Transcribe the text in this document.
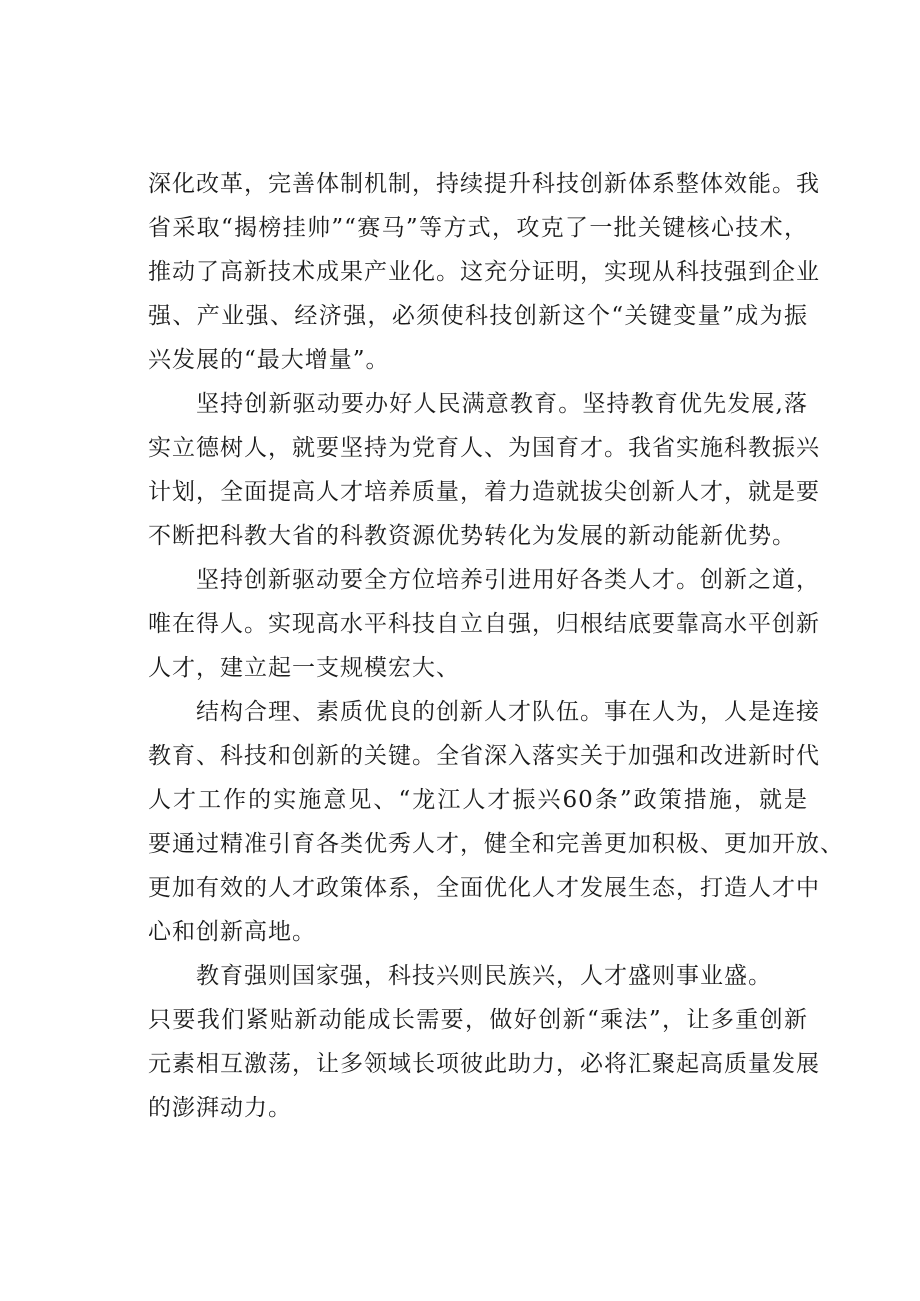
深化改革，完善体制机制，持续提升科技创新体系整体效能。我
省采取“揭榜挂帅”“赛马”等方式，攻克了一批关键核心技术，
推动了高新技术成果产业化。这充分证明，实现从科技强到企业
强、产业强、经济强，必须使科技创新这个“关键变量”成为振
兴发展的“最大增量”。
坚持创新驱动要办好人民满意教育。坚持教育优先发展,落
实立德树人，就要坚持为党育人、为国育才。我省实施科教振兴
计划，全面提高人才培养质量，着力造就拔尖创新人才，就是要
不断把科教大省的科教资源优势转化为发展的新动能新优势。
坚持创新驱动要全方位培养引进用好各类人才。创新之道，
唯在得人。实现高水平科技自立自强，归根结底要靠高水平创新
人才，建立起一支规模宏大、
结构合理、素质优良的创新人才队伍。事在人为，人是连接
教育、科技和创新的关键。全省深入落实关于加强和改进新时代
人才工作的实施意见、“龙江人才振兴60条”政策措施，就是
要通过精准引育各类优秀人才，健全和完善更加积极、更加开放、
更加有效的人才政策体系，全面优化人才发展生态，打造人才中
心和创新高地。
教育强则国家强，科技兴则民族兴，人才盛则事业盛。
只要我们紧贴新动能成长需要，做好创新“乘法”，让多重创新
元素相互激荡，让多领域长项彼此助力，必将汇聚起高质量发展
的澎湃动力。
